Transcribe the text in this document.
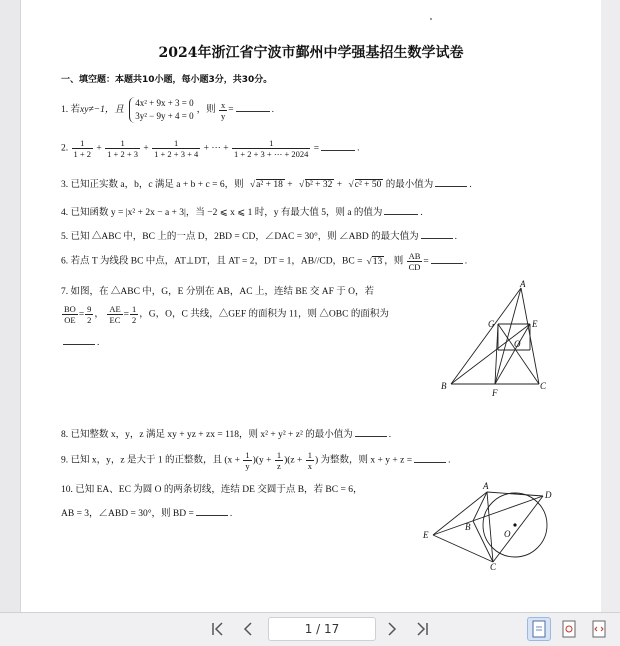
2024年浙江省宁波市鄞州中学强基招生数学试卷
一、填空题：本题共10小题，每小题3分，共30分。
1. 若xy≠−1，且
4x² + 9x + 3 = 0
3y² − 9y + 4 = 0
，则 $\frac{x}{y}$ =	.
2. $\frac{1}{1 + 2} + \frac{1}{1 + 2 + 3} + \frac{1}{1 + 2 + 3 + 4}$ + ⋯ + $\frac{1}{1 + 2 + 3 + \cdots + 2024}$ =	.
3. 已知正实数 a，b，c 满足 a + b + c = 6，则 √ a² + 18 + √ b² + 32 + √ c² + 50 的最小值为	.
4. 已知函数 y = |x² + 2x − a + 3|，当 −2 ⩽ x ⩽ 1 时，y 有最大值 5，则 a 的值为	.
5. 已知 △ABC 中，BC 上的一点 D，2BD = CD，∠DAC = 30°，则 ∠ABD 的最大值为	.
6. 若点 T 为线段 BC 中点，AT⊥DT，且 AT = 2，DT = 1，AB//CD，BC = √ 13 ，则 $\frac{AB}{CD}$ =	.
7. 如图，在 △ABC 中，G，E 分别在 AB，AC 上，连结 BE 交 AF 于 O，若
$\frac{BO}{OE} = \frac{9}{2}$ ， $\frac{AE}{EC} = \frac{1}{2}$ ，G，O，C 共线，△GEF 的面积为 11，则 △OBC 的面积为
.
A
G	E
O
B
F
C
8. 已知整数 x，y，z 满足 xy + yz + zx = 118，则 x² + y² + z² 的最小值为	.
9. 已知 x，y，z 是大于 1 的正整数，且 $(x + \frac{1}{y} )(y + \frac{1}{z} )(z + \frac{1}{x}$ ) 为整数，则 x + y + z =	.
10. 已知 EA、EC 为圆 O 的两条切线，连结 DE 交圆于点 B，若 BC = 6，
AB = 3，∠ABD = 30°，则 BD =	.
A
D
E
B
O
C
1 / 17
